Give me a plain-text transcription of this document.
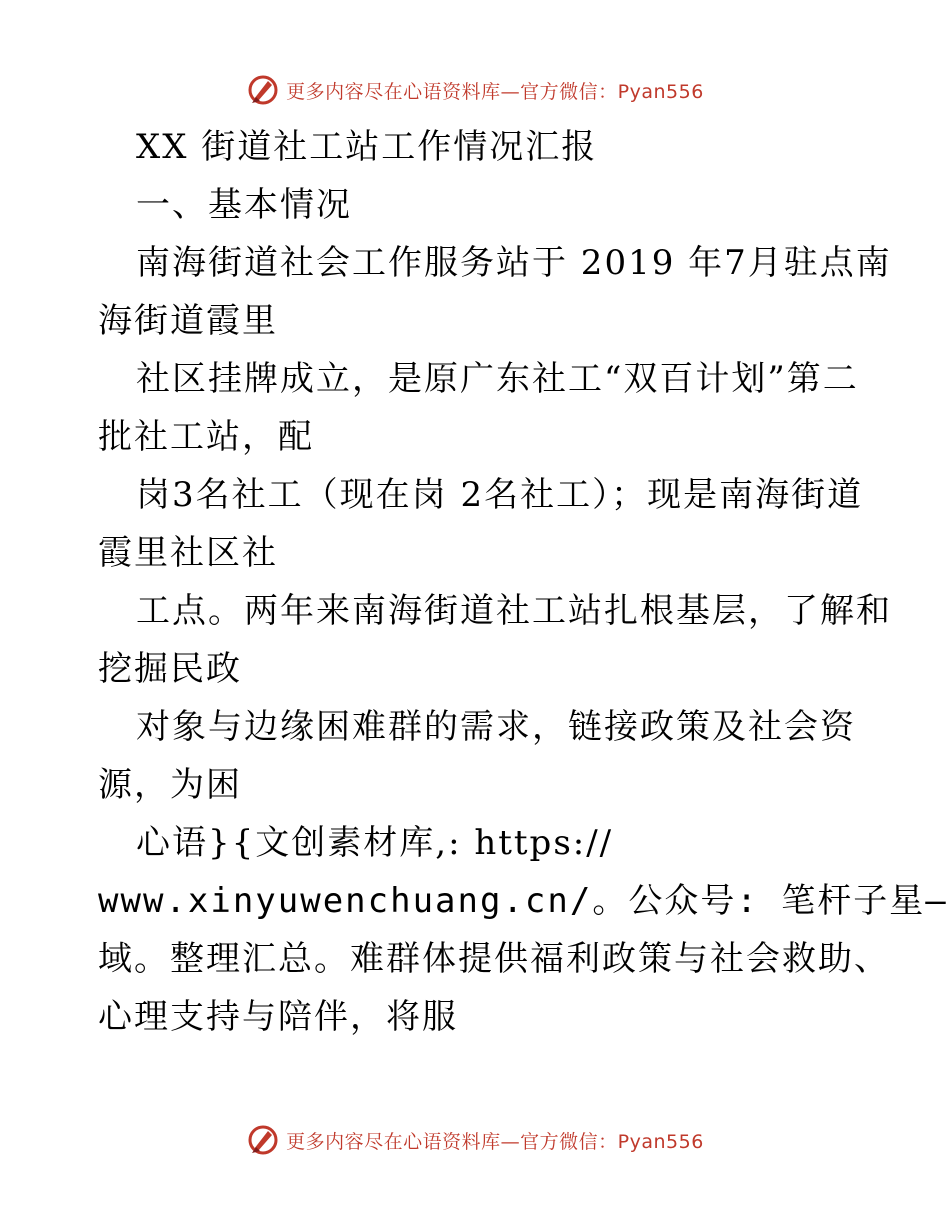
更多内容尽在心语资料库—官方微信：Pyan556
XX 街道社工站工作情况汇报
一、基本情况
南海街道社会工作服务站于 2019 年7月驻点南
海街道霞里
社区挂牌成立，是原广东社工“双百计划”第二
批社工站，配
岗3名社工（现在岗 2名社工）；现是南海街道
霞里社区社
工点。两年来南海街道社工站扎根基层，了解和
挖掘民政
对象与边缘困难群的需求，链接政策及社会资
源，为困
心语}{文创素材库,: https://
www.xinyuwenchuang.cn/。公众号: 笔杆子星—
域。整理汇总。难群体提供福利政策与社会救助、
心理支持与陪伴，将服
更多内容尽在心语资料库—官方微信：Pyan556
